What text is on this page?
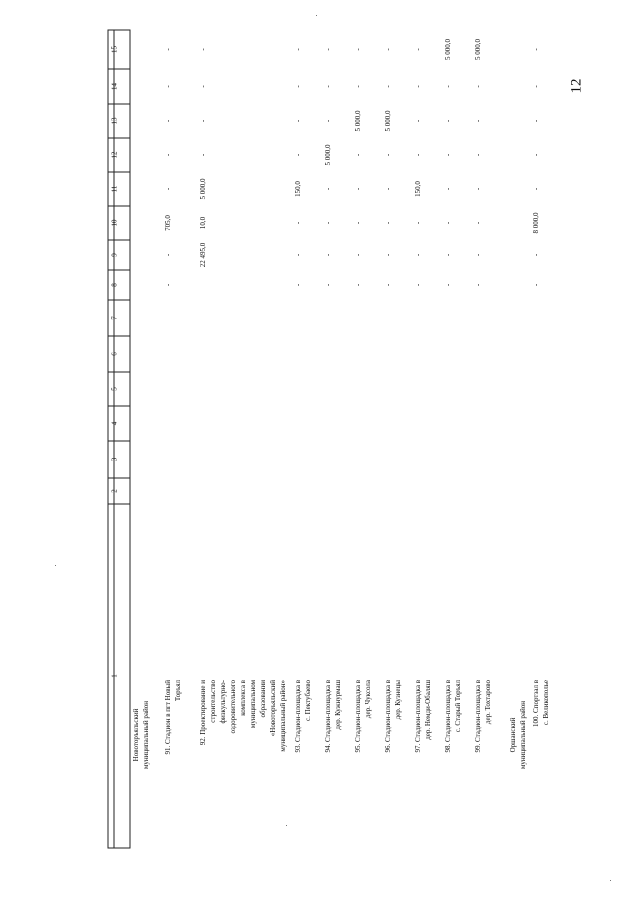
12
15
14
13
12
11
10
9
8
7
6
5
4
3
2
1
Новоторъяльский муниципальный район 91. Стадион в пгт Новый Торъял
-
-
705,0
-
-
-
-
-
92. Проектирование и строительство физкультурно- оздоровительного комплекса в муниципальном образовании «Новоторъяльский муниципальный район»
22 495,0
10,0
5 000,0
-
-
-
-
93. Стадион-площадка в с. Пектубаево
-
-
-
150,0
-
-
-
-
94. Стадион-площадка в дер. Кужнурмаш
-
-
-
-
5 000,0
-
-
-
95. Стадион-площадка в дер. Чуксола
-
-
-
-
-
5 000,0
-
-
96. Стадион-площадка в дер. Кузнецы
-
-
-
-
-
5 000,0
-
-
97. Стадион-площадка в дер. Немди-Обаляш
-
-
-
150,0
-
-
-
-
98. Стадион-площадка в с. Старый Торъял
-
-
-
-
-
-
-
5 000,0
99. Стадион-площадка в дер. Тохтарово
-
-
-
-
-
-
-
5 000,0
Оршанский муниципальный район 100. Спортзал в с. Великополье
-
-
8 000,0
-
-
-
-
-
